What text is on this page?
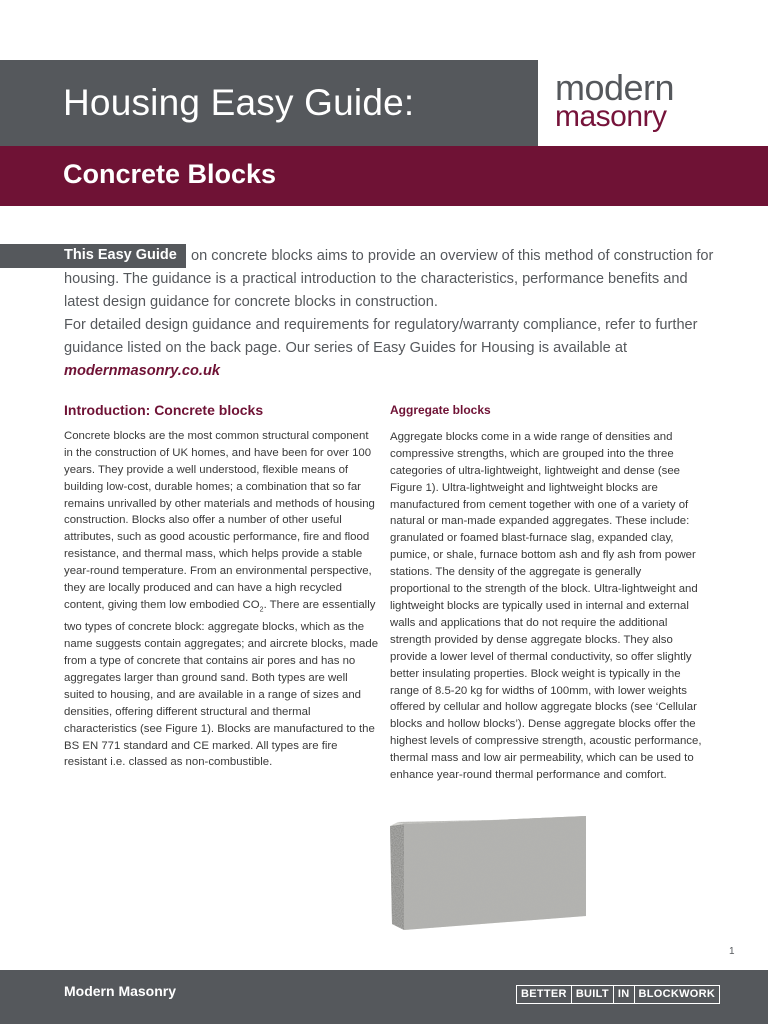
Housing Easy Guide:	modern
masonry
Concrete Blocks
This Easy Guide on concrete blocks aims to provide an overview of this method of construction for housing. The guidance is a practical introduction to the characteristics, performance benefits and latest design guidance for concrete blocks in construction.

For detailed design guidance and requirements for regulatory/warranty compliance, refer to further guidance listed on the back page. Our series of Easy Guides for Housing is available at
modernmasonry.co.uk

Introduction: Concrete blocks

Concrete blocks are the most common structural component in the construction of UK homes, and have been for over 100 years. They provide a well understood, flexible means of building low-cost, durable homes; a combination that so far remains unrivalled by other materials and methods of housing construction. Blocks also offer a number of other useful attributes, such as good acoustic performance, fire and flood resistance, and thermal mass, which helps provide a stable year-round temperature. From an environmental perspective, they are locally produced and can have a high recycled content, giving them low embodied $CO_2$. There are essentially two types of concrete block: aggregate blocks, which as the name suggests contain aggregates; and aircrete blocks, made from a type of concrete that contains air pores and has no aggregates larger than ground sand. Both types are well suited to housing, and are available in a range of sizes and densities, offering different structural and thermal characteristics (see Figure 1). Blocks are manufactured to the BS EN 771 standard and CE marked. All types are fire resistant i.e. classed as non-combustible.

Aggregate blocks

Aggregate blocks come in a wide range of densities and compressive strengths, which are grouped into the three categories of ultra-lightweight, lightweight and dense (see Figure 1). Ultra-lightweight and lightweight blocks are manufactured from cement together with one of a variety of natural or man-made expanded aggregates. These include: granulated or foamed blast-furnace slag, expanded clay, pumice, or shale, furnace bottom ash and fly ash from power stations. The density of the aggregate is generally proportional to the strength of the block. Ultra-lightweight and lightweight blocks are typically used in internal and external walls and applications that do not require the additional strength provided by dense aggregate blocks. They also provide a lower level of thermal conductivity, so offer slightly better insulating properties. Block weight is typically in the range of 8.5-20 kg for widths of 100mm, with lower weights offered by cellular and hollow aggregate blocks (see ‘Cellular blocks and hollow blocks’). Dense aggregate blocks offer the highest levels of compressive strength, acoustic performance, thermal mass and low air permeability, which can be used to enhance year-round thermal performance and comfort.

1
Modern Masonry	BETTER BUILT IN BLOCKWORK
